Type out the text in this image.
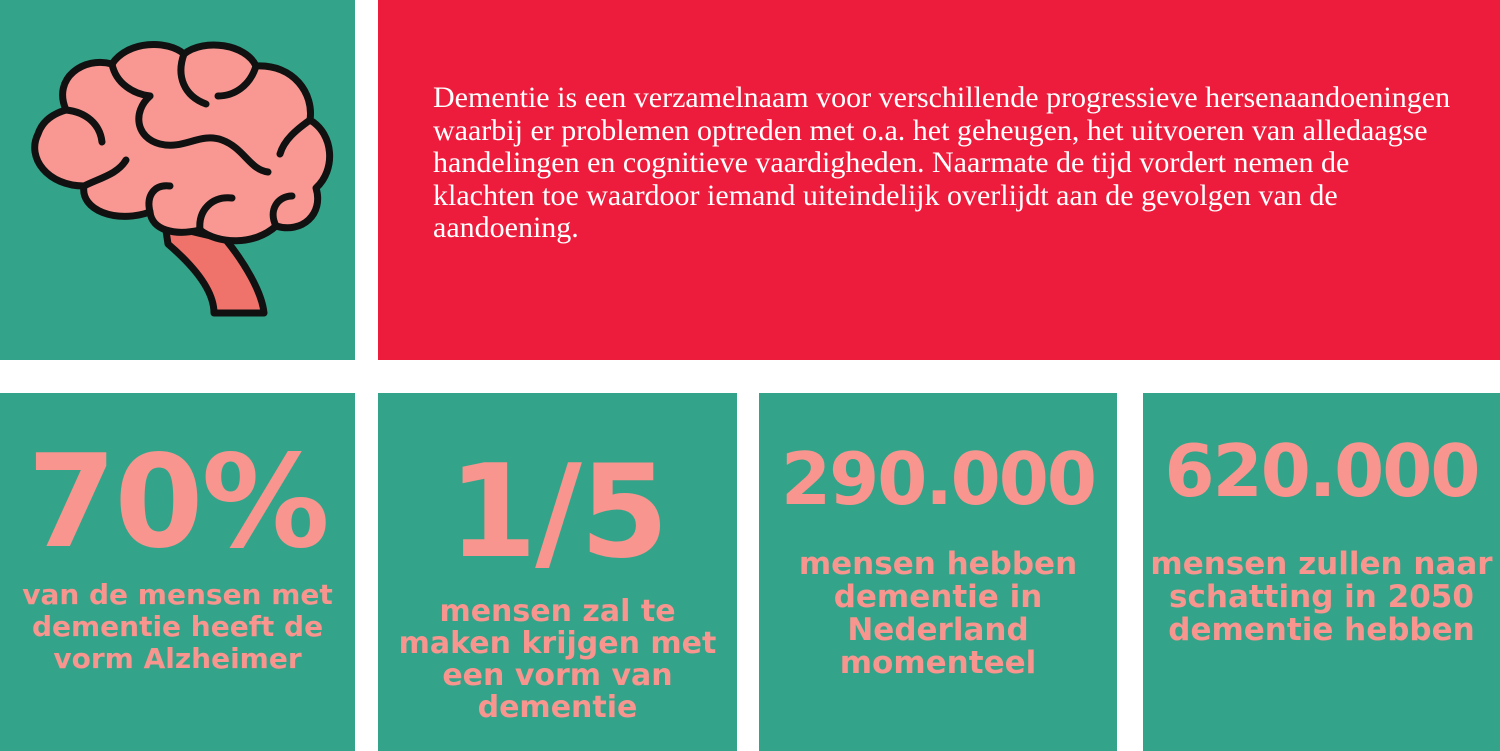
Dementie is een verzamelnaam voor verschillende progressieve hersenaandoeningen waarbij er problemen optreden met o.a. het geheugen, het uitvoeren van alledaagse handelingen en cognitieve vaardigheden. Naarmate de tijd vordert nemen de klachten toe waardoor iemand uiteindelijk overlijdt aan de gevolgen van de aandoening.

70%

van de mensen met dementie heeft de vorm Alzheimer

1/5

mensen zal te maken krijgen met een vorm van dementie

290.000

mensen hebben dementie in Nederland momenteel

620.000

mensen zullen naar schatting in 2050 dementie hebben
